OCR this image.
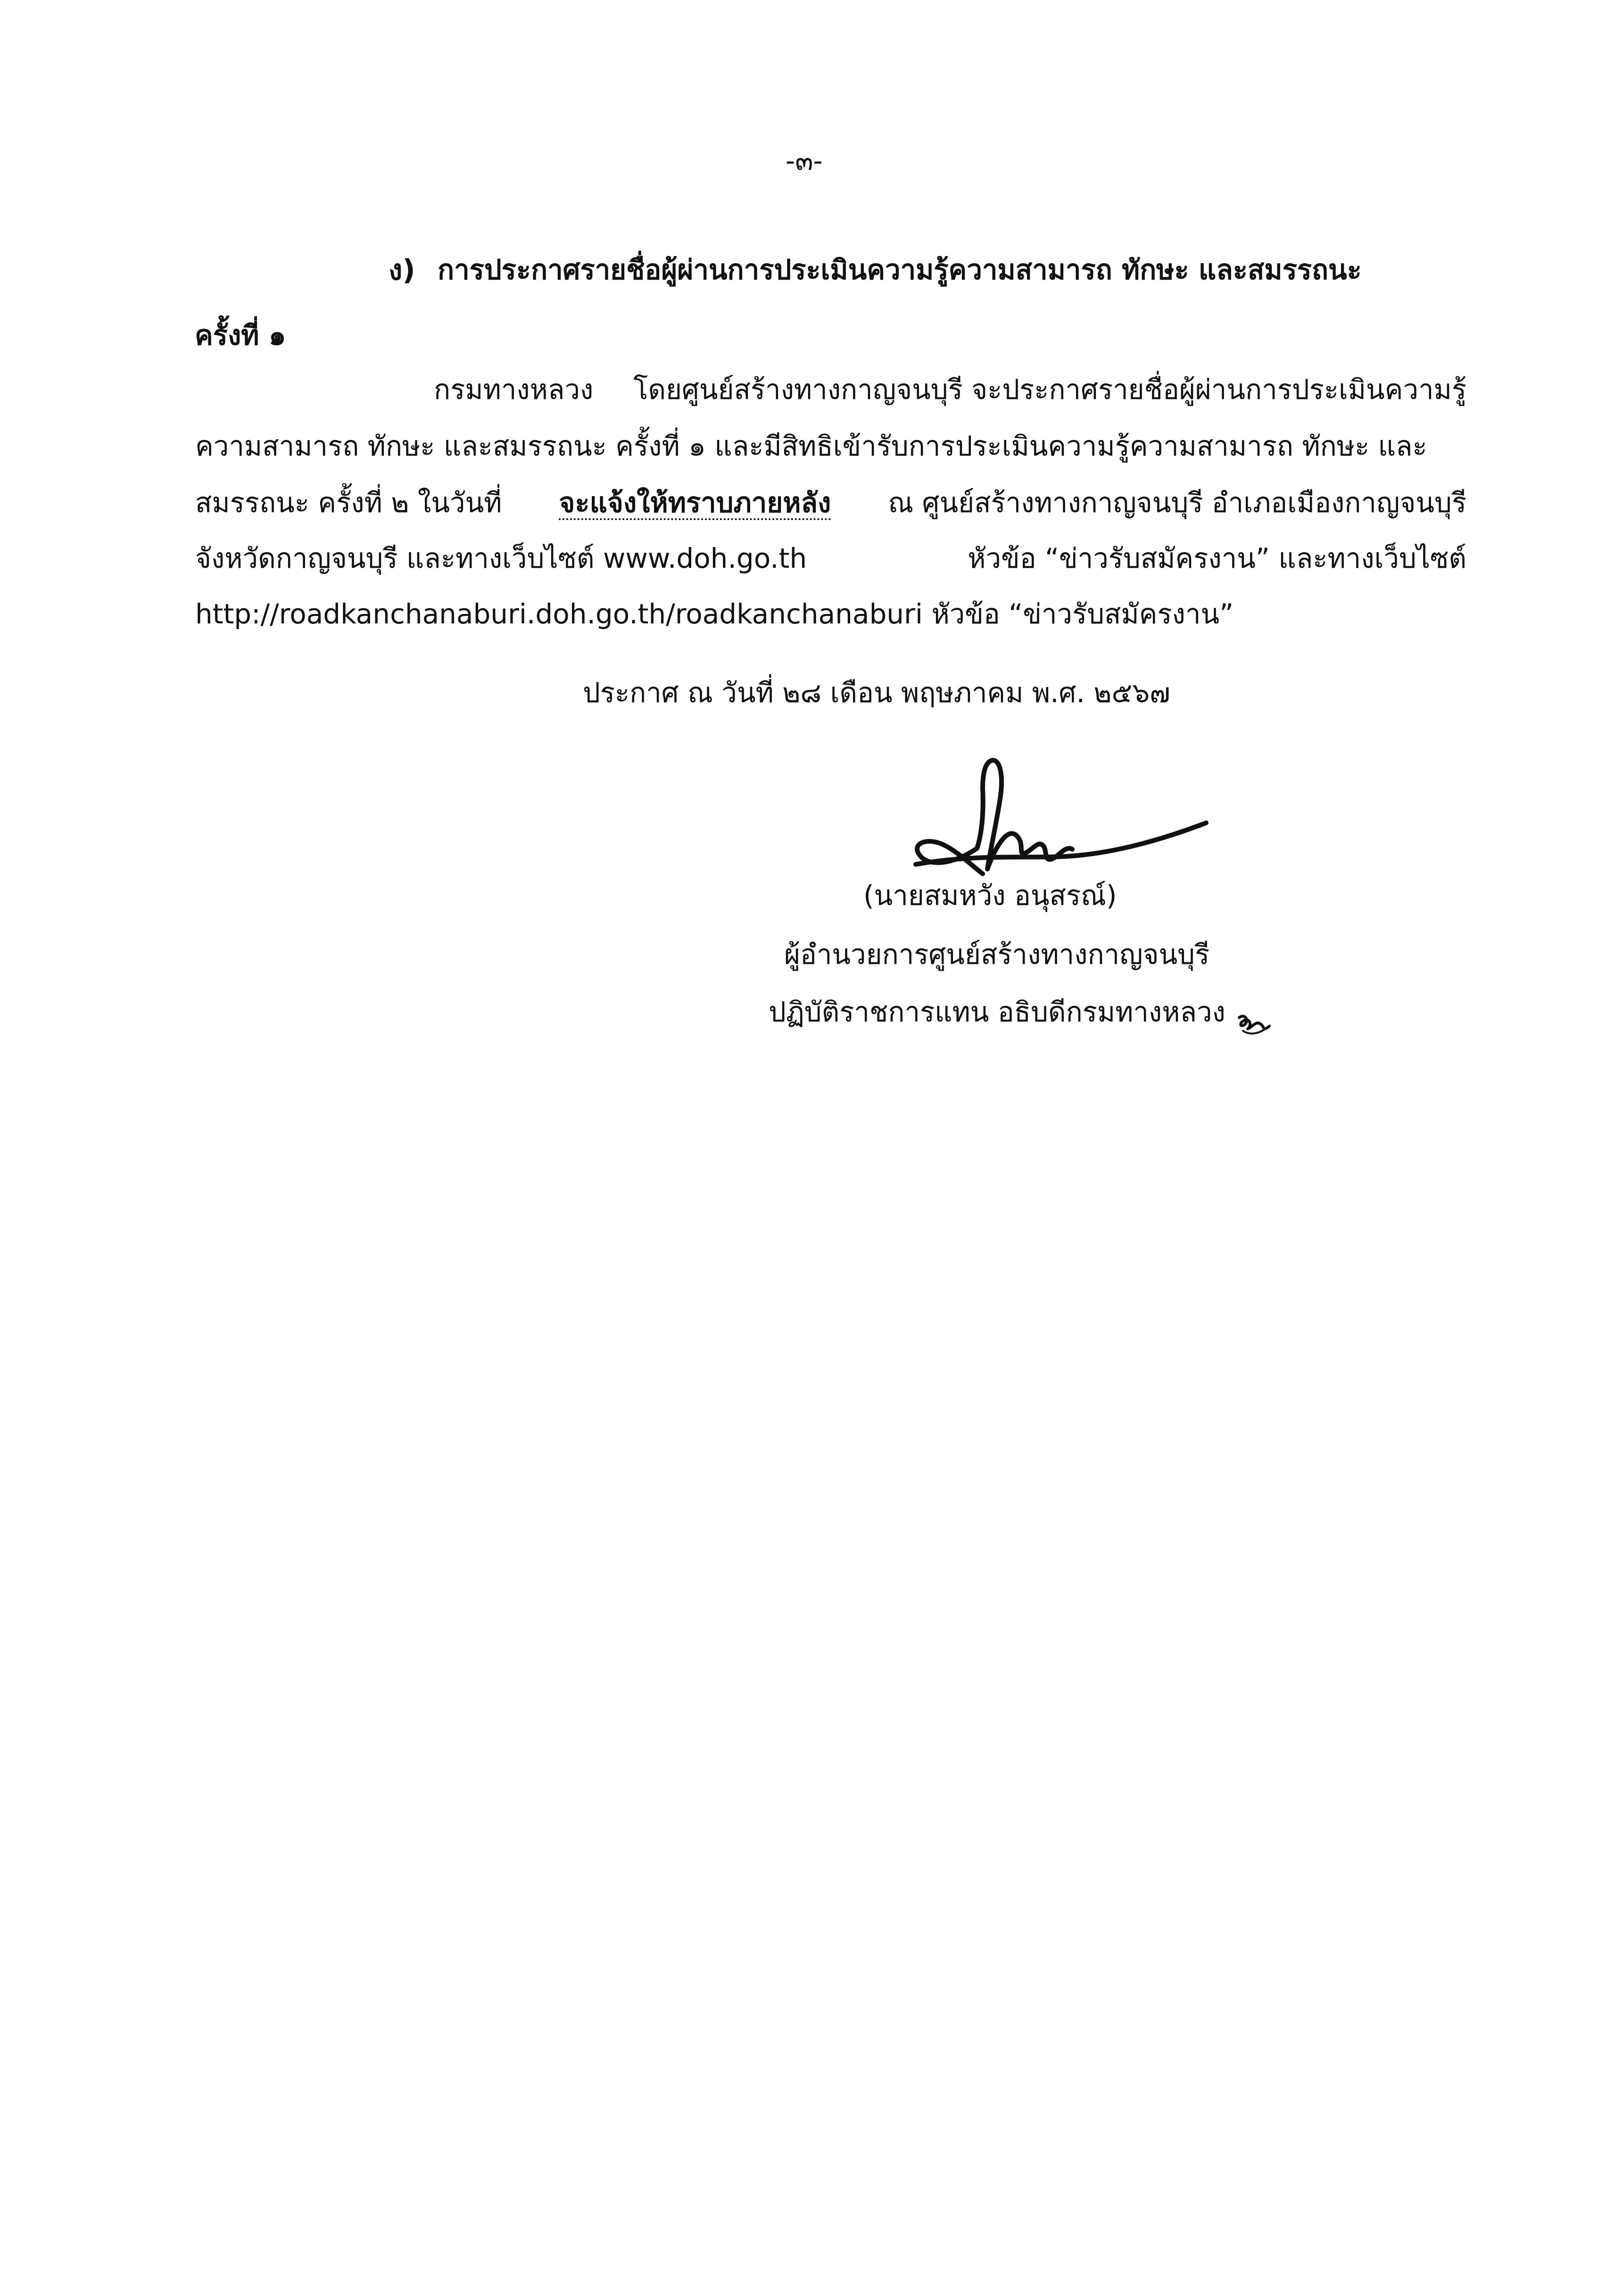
-๓-
ง) การประกาศรายชื่อผู้ผ่านการประเมินความรู้ความสามารถ ทักษะ และสมรรถนะ
ครั้งที่ ๑
กรมทางหลวง โดยศูนย์สร้างทางกาญจนบุรี จะประกาศรายชื่อผู้ผ่านการประเมินความรู้
ความสามารถ ทักษะ และสมรรถนะ ครั้งที่ ๑ และมีสิทธิเข้ารับการประเมินความรู้ความสามารถ ทักษะ และ
สมรรถนะ ครั้งที่ ๒ ในวันที่ จะแจ้งให้ทราบภายหลัง ณ ศูนย์สร้างทางกาญจนบุรี อำเภอเมืองกาญจนบุรี
จังหวัดกาญจนบุรี และทางเว็บไซต์ www.doh.go.th	หัวข้อ “ข่าวรับสมัครงาน” และทางเว็บไซต์
http://roadkanchanaburi.doh.go.th/roadkanchanaburi หัวข้อ “ข่าวรับสมัครงาน”
ประกาศ ณ วันที่ ๒๘ เดือน พฤษภาคม พ.ศ. ๒๕๖๗
(นายสมหวัง อนุสรณ์)
ผู้อำนวยการศูนย์สร้างทางกาญจนบุรี
ปฏิบัติราชการแทน อธิบดีกรมทางหลวง
